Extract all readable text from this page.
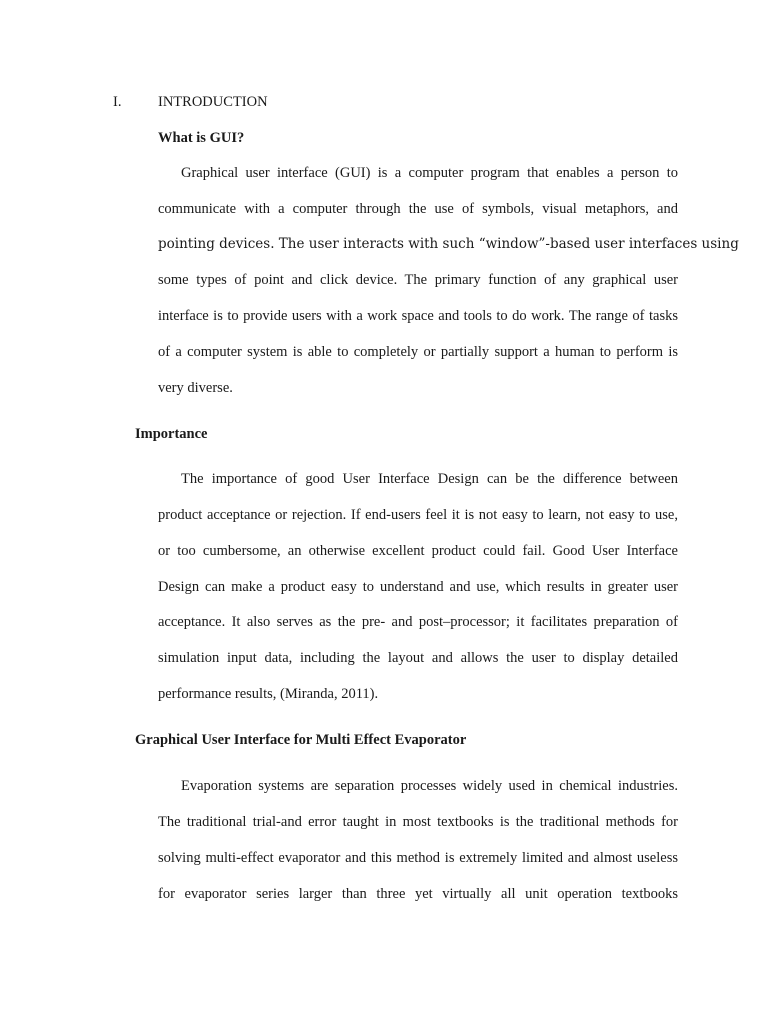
I.	INTRODUCTION
What is GUI?
Graphical user interface (GUI) is a computer program that enables a person to
communicate with a computer through the use of symbols, visual metaphors, and
pointing devices. The user interacts with such “window”-based user interfaces using
some types of point and click device. The primary function of any graphical user
interface is to provide users with a work space and tools to do work. The range of tasks
of a computer system is able to completely or partially support a human to perform is
very diverse.
Importance
The importance of good User Interface Design can be the difference between
product acceptance or rejection. If end-users feel it is not easy to learn, not easy to use,
or too cumbersome, an otherwise excellent product could fail. Good User Interface
Design can make a product easy to understand and use, which results in greater user
acceptance. It also serves as the pre- and post–processor; it facilitates preparation of
simulation input data, including the layout and allows the user to display detailed
performance results, (Miranda, 2011).
Graphical User Interface for Multi Effect Evaporator
Evaporation systems are separation processes widely used in chemical industries.
The traditional trial-and error taught in most textbooks is the traditional methods for
solving multi-effect evaporator and this method is extremely limited and almost useless
for evaporator series larger than three yet virtually all unit operation textbooks
